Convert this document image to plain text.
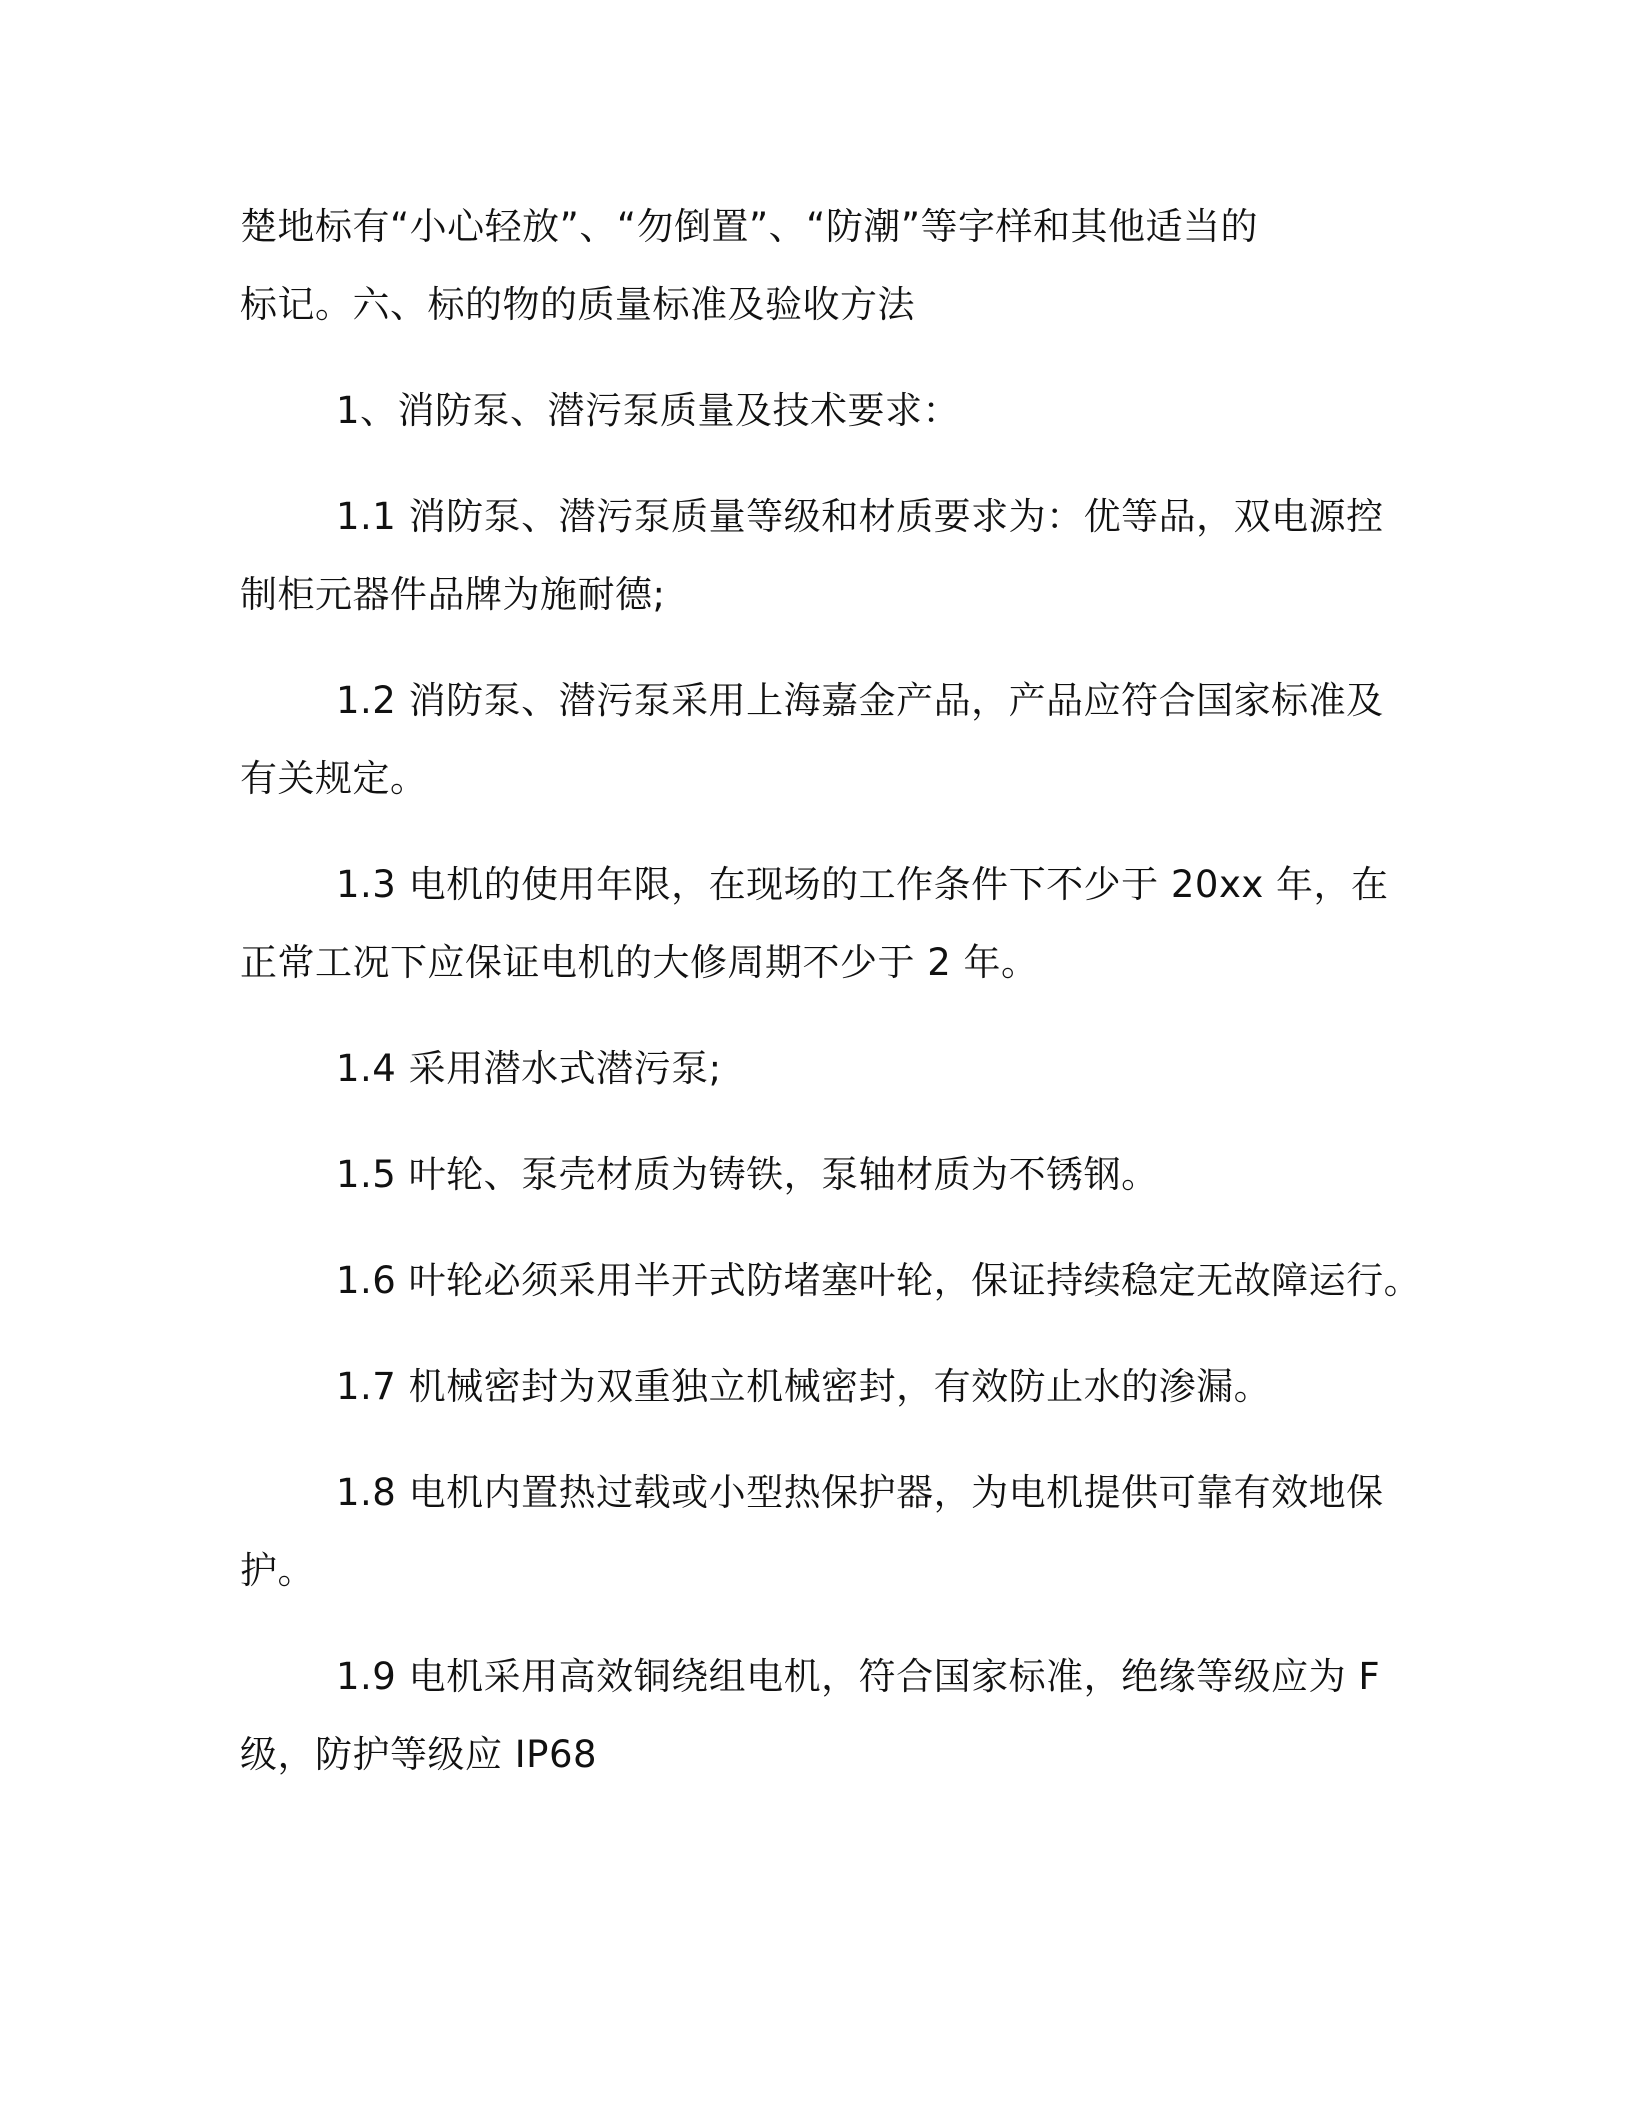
楚地标有“小心轻放”、“勿倒置”、“防潮”等字样和其他适当的
标记。六、标的物的质量标准及验收方法
1、消防泵、潜污泵质量及技术要求：
1.1 消防泵、潜污泵质量等级和材质要求为：优等品，双电源控
制柜元器件品牌为施耐德;
1.2 消防泵、潜污泵采用上海嘉金产品，产品应符合国家标准及
有关规定。
1.3 电机的使用年限，在现场的工作条件下不少于 20xx 年，在
正常工况下应保证电机的大修周期不少于 2 年。
1.4 采用潜水式潜污泵;
1.5 叶轮、泵壳材质为铸铁，泵轴材质为不锈钢。
1.6 叶轮必须采用半开式防堵塞叶轮，保证持续稳定无故障运行。
1.7 机械密封为双重独立机械密封，有效防止水的渗漏。
1.8 电机内置热过载或小型热保护器，为电机提供可靠有效地保
护。
1.9 电机采用高效铜绕组电机，符合国家标准，绝缘等级应为 F
级，防护等级应 IP68
